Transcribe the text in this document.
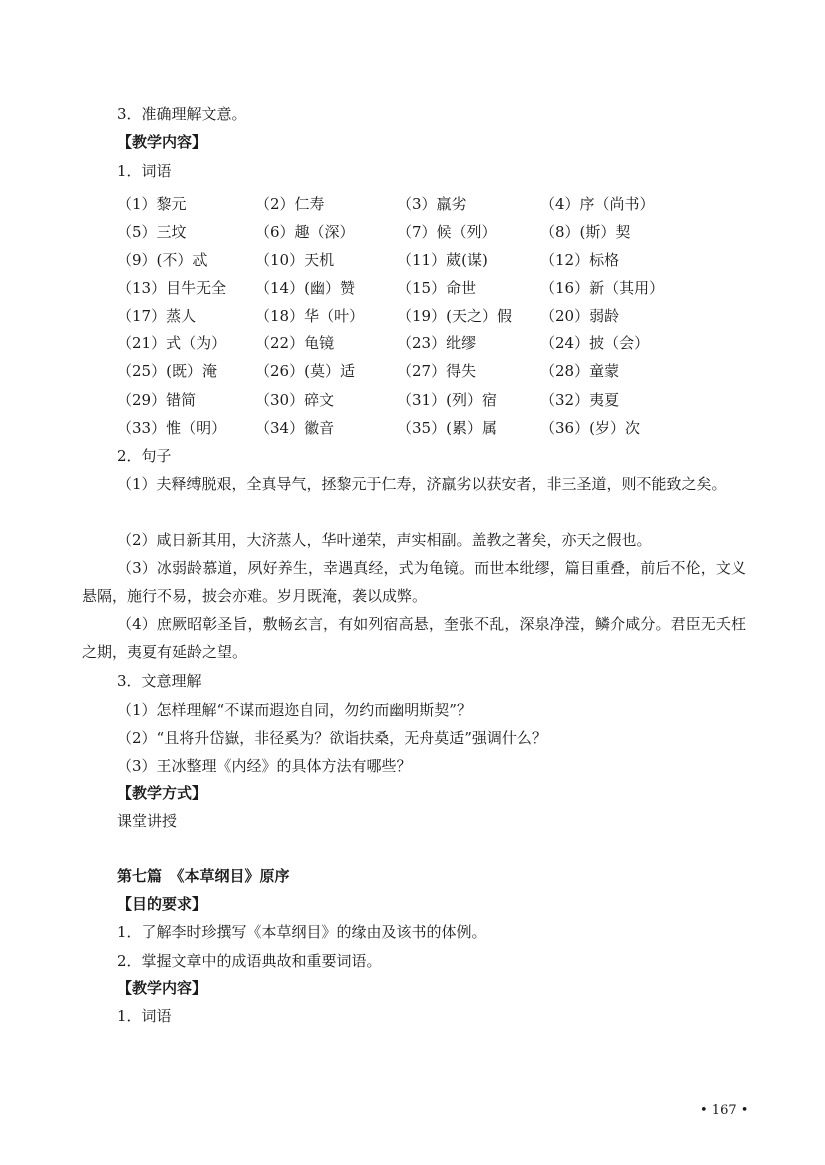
3．准确理解文意。
【教学内容】
1．词语
（1）黎元	（2）仁寿	（3）羸劣	（4）序（尚书）
（5）三坟	（6）趣（深）	（7）候（列）	（8）(斯）契
（9）(不）忒	（10）天机	（11）葳(谋)	（12）标格
（13）目牛无全 （14）(幽）赞	（15）命世	（16）新（其用）
（17）蒸人	（18）华（叶） （19）(天之）假 （20）弱龄
（21）式（为） （22）龟镜	（23）纰缪	（24）披（会）
（25）(既）淹	（26）(莫）适	（27）得失	（28）童蒙
（29）错简	（30）碎文	（31）(列）宿	（32）夷夏
（33）惟（明） （34）徽音	（35）(累）属	（36）(岁）次
2．句子
（1）夫释缚脱艰，全真导气，拯黎元于仁寿，济羸劣以获安者，非三圣道，则不能致之矣。
（2）咸日新其用，大济蒸人，华叶递荣，声实相副。盖教之著矣，亦天之假也。
（3）冰弱龄慕道，夙好养生，幸遇真经，式为龟镜。而世本纰缪，篇目重叠，前后不伦，文义悬隔，施行不易，披会亦难。岁月既淹，袭以成弊。
（4）庶厥昭彰圣旨，敷畅玄言，有如列宿高悬，奎张不乱，深泉净滢，鳞介咸分。君臣无夭枉之期，夷夏有延龄之望。
3．文意理解
（1）怎样理解“不谋而遐迩自同，勿约而幽明斯契”？
（2）“且将升岱嶽，非径奚为？欲诣扶桑，无舟莫适”强调什么？
（3）王冰整理《内经》的具体方法有哪些？
【教学方式】
课堂讲授
第七篇　《本草纲目》原序
【目的要求】
1．了解李时珍撰写《本草纲目》的缘由及该书的体例。
2．掌握文章中的成语典故和重要词语。
【教学内容】
1．词语
• 167 •
